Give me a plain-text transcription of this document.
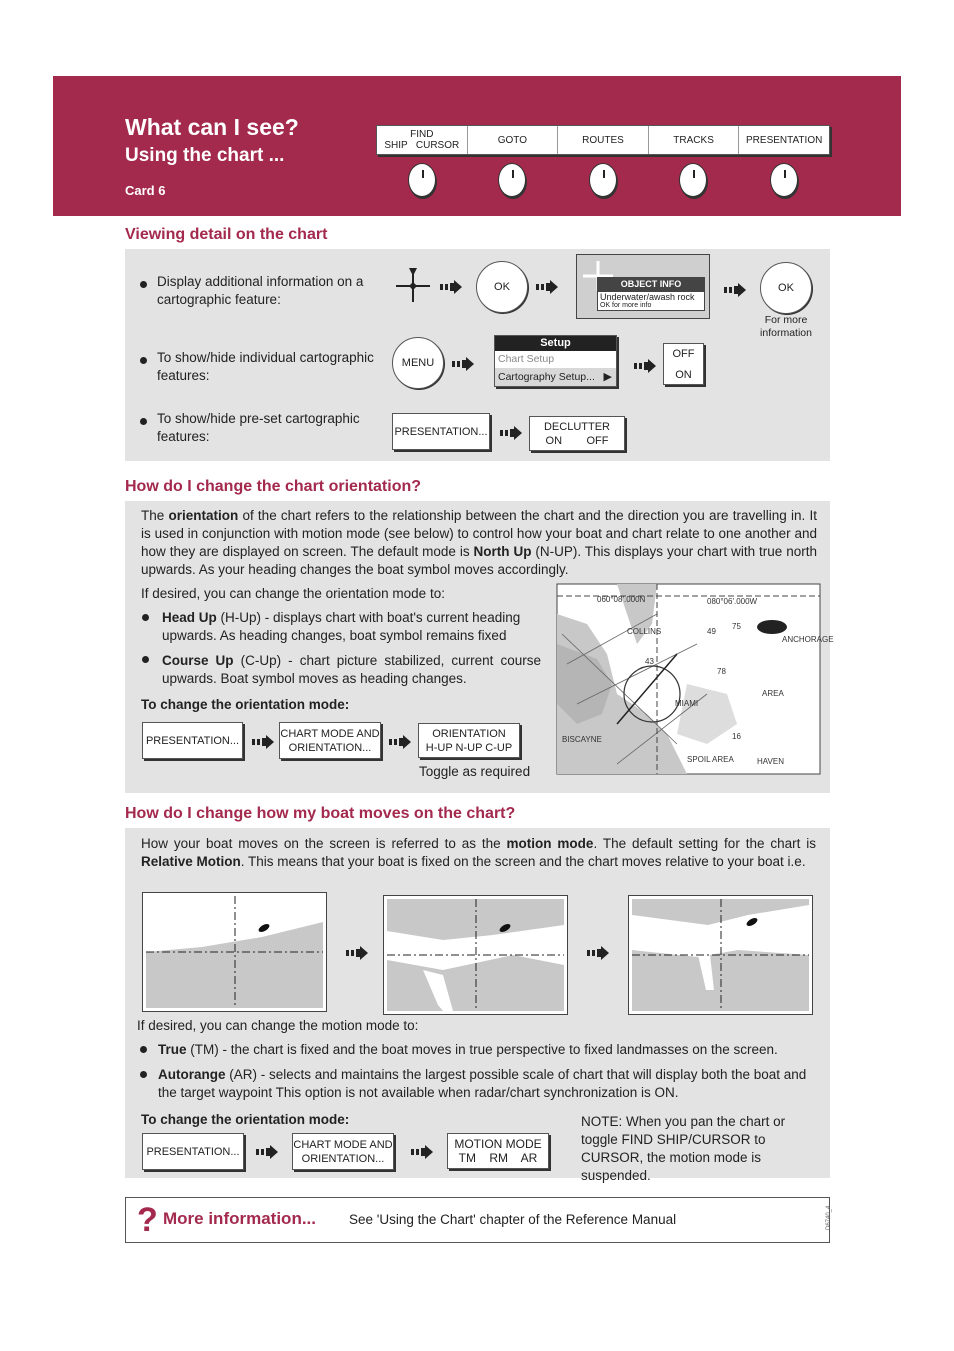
What can I see?
Using the chart ...
Card 6
FIND
SHIP   CURSOR	GOTO	ROUTES	TRACKS	PRESENTATION
Viewing detail on the chart
Display additional information on a cartographic feature:
OK	OBJECT INFO
Underwater/awash rock
OK for more info
OK
For more information
To show/hide individual cartographic features:
MENU
Setup
Chart Setup
Cartography Setup... ▶
OFF
ON
To show/hide pre-set cartographic features:	PRESENTATION...	DECLUTTER
ON        OFF
How do I change the chart orientation?
The orientation of the chart refers to the relationship between the chart and the direction you are travelling in. It is used in conjunction with motion mode (see below) to control how your boat and chart relate to one another and how they are displayed on screen. The default mode is North Up (N-UP). This displays your chart with true north upwards. As your heading changes the boat symbol moves accordingly.
If desired, you can change the orientation mode to:
Head Up (H-Up) - displays chart with boat's current heading upwards. As heading changes, boat symbol remains fixed
Course Up (C-Up) - chart picture stabilized, current course upwards. Boat symbol moves as heading changes.
To change the orientation mode:
PRESENTATION...
CHART MODE AND ORIENTATION...
ORIENTATION
H-UP N-UP C-UP
Toggle as required
060°08'.000N	080°06'.000W
COLLINS
43
49
75
ANCHORAGE
78
AREA
16
SPOIL AREA	HAVEN
BISCAYNE
MIAMI
How do I change how my boat moves on the chart?
How your boat moves on the screen is referred to as the motion mode. The default setting for the chart is Relative Motion. This means that your boat is fixed on the screen and the chart moves relative to your boat i.e.
If desired, you can change the motion mode to:
True (TM) - the chart is fixed and the boat moves in true perspective to fixed landmasses on the screen.
Autorange (AR) - selects and maintains the largest possible scale of chart that will display both the boat and the target waypoint This option is not available when radar/chart synchronization is ON.
To change the orientation mode:
PRESENTATION...
CHART MODE AND ORIENTATION...
MOTION MODE
TM    RM    AR
NOTE: When you pan the chart or toggle FIND SHIP/CURSOR to CURSOR, the motion mode is suspended.
? More information... See 'Using the Chart' chapter of the Reference Manual	D6740_4
